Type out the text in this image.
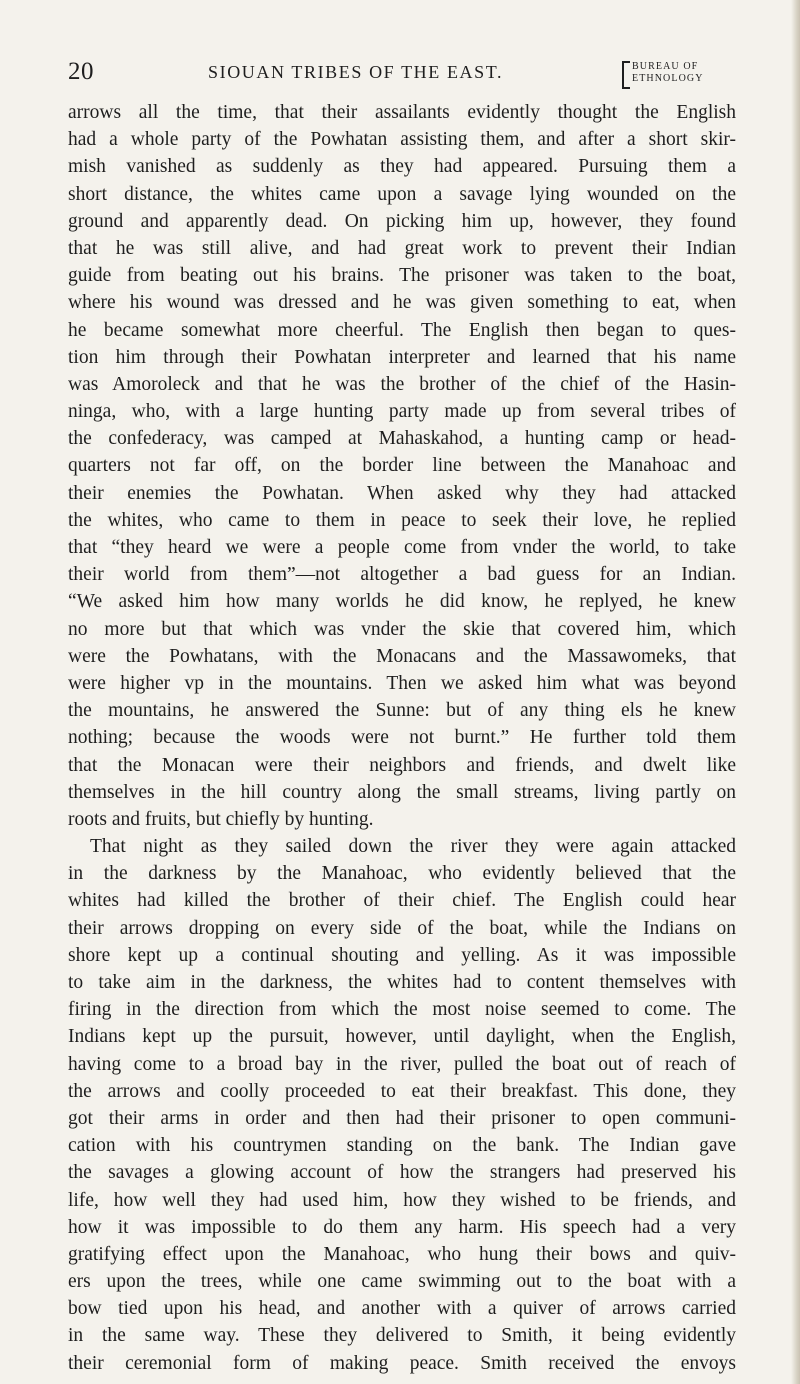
20	SIOUAN TRIBES OF THE EAST.	BUREAU OF
ETHNOLOGY
arrows all the time, that their assailants evidently thought the English
had a whole party of the Powhatan assisting them, and after a short skir-
mish vanished as suddenly as they had appeared. Pursuing them a
short distance, the whites came upon a savage lying wounded on the
ground and apparently dead. On picking him up, however, they found
that he was still alive, and had great work to prevent their Indian
guide from beating out his brains. The prisoner was taken to the boat,
where his wound was dressed and he was given something to eat, when
he became somewhat more cheerful. The English then began to ques-
tion him through their Powhatan interpreter and learned that his name
was Amoroleck and that he was the brother of the chief of the Hasin-
ninga, who, with a large hunting party made up from several tribes of
the confederacy, was camped at Mahaskahod, a hunting camp or head-
quarters not far off, on the border line between the Manahoac and
their enemies the Powhatan. When asked why they had attacked
the whites, who came to them in peace to seek their love, he replied
that “they heard we were a people come from vnder the world, to take
their world from them”—not altogether a bad guess for an Indian.
“We asked him how many worlds he did know, he replyed, he knew
no more but that which was vnder the skie that covered him, which
were the Powhatans, with the Monacans and the Massawomeks, that
were higher vp in the mountains. Then we asked him what was beyond
the mountains, he answered the Sunne: but of any thing els he knew
nothing; because the woods were not burnt.” He further told them
that the Monacan were their neighbors and friends, and dwelt like
themselves in the hill country along the small streams, living partly on
roots and fruits, but chiefly by hunting.
That night as they sailed down the river they were again attacked
in the darkness by the Manahoac, who evidently believed that the
whites had killed the brother of their chief. The English could hear
their arrows dropping on every side of the boat, while the Indians on
shore kept up a continual shouting and yelling. As it was impossible
to take aim in the darkness, the whites had to content themselves with
firing in the direction from which the most noise seemed to come. The
Indians kept up the pursuit, however, until daylight, when the English,
having come to a broad bay in the river, pulled the boat out of reach of
the arrows and coolly proceeded to eat their breakfast. This done, they
got their arms in order and then had their prisoner to open communi-
cation with his countrymen standing on the bank. The Indian gave
the savages a glowing account of how the strangers had preserved his
life, how well they had used him, how they wished to be friends, and
how it was impossible to do them any harm. His speech had a very
gratifying effect upon the Manahoac, who hung their bows and quiv-
ers upon the trees, while one came swimming out to the boat with a
bow tied upon his head, and another with a quiver of arrows carried
in the same way. These they delivered to Smith, it being evidently
their ceremonial form of making peace. Smith received the envoys
